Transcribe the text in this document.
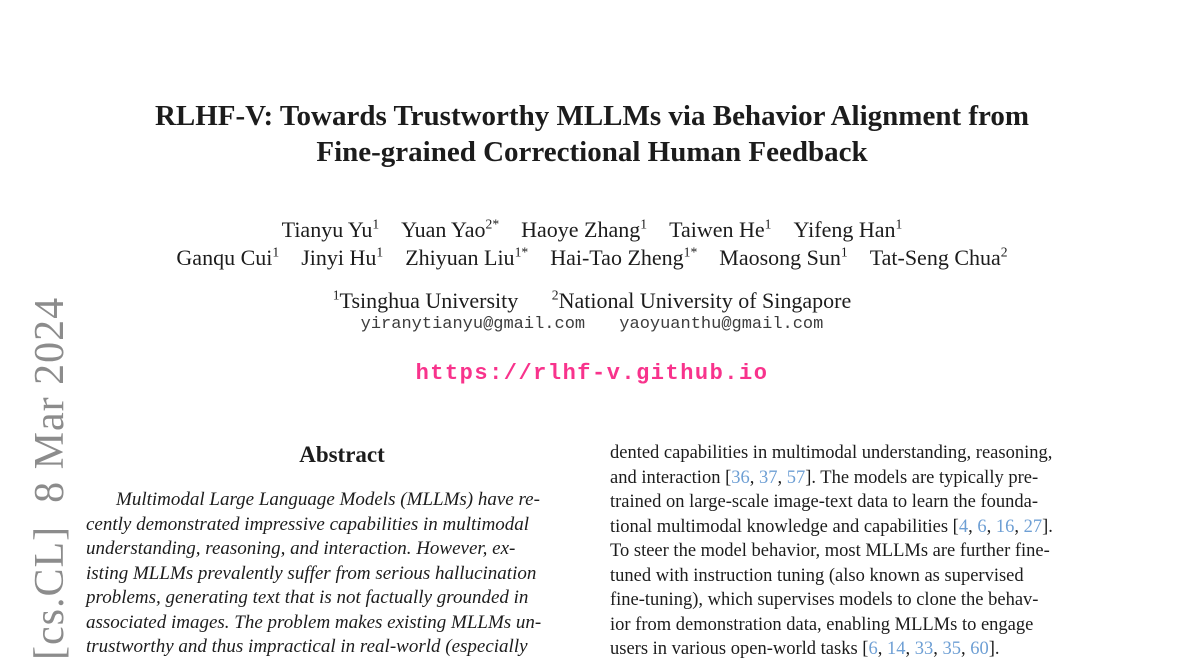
[cs.CL]  8 Mar 2024
RLHF-V: Towards Trustworthy MLLMs via Behavior Alignment from
Fine-grained Correctional Human Feedback
Tianyu Yu$^1$ Yuan Yao$^{2*}$ Haoye Zhang$^1$ Taiwen He$^1$ Yifeng Han$^1$
Ganqu Cui$^1$ Jinyi Hu$^1$ Zhiyuan Liu$^{1*}$ Hai-Tao Zheng$^{1*}$ Maosong Sun$^1$ Tat-Seng Chua$^2$
$^1$Tsinghua University $^2$National University of Singapore
yiranytianyu@gmail.com yaoyuanthu@gmail.com
https://rlhf-v.github.io
Abstract
Multimodal Large Language Models (MLLMs) have re-
cently demonstrated impressive capabilities in multimodal
understanding, reasoning, and interaction. However, ex-
isting MLLMs prevalently suffer from serious hallucination
problems, generating text that is not factually grounded in
associated images. The problem makes existing MLLMs un-
trustworthy and thus impractical in real-world (especially
dented capabilities in multimodal understanding, reasoning,
and interaction [36, 37, 57]. The models are typically pre-
trained on large-scale image-text data to learn the founda-
tional multimodal knowledge and capabilities [4, 6, 16, 27].
To steer the model behavior, most MLLMs are further fine-
tuned with instruction tuning (also known as supervised
fine-tuning), which supervises models to clone the behav-
ior from demonstration data, enabling MLLMs to engage
users in various open-world tasks [6, 14, 33, 35, 60].
